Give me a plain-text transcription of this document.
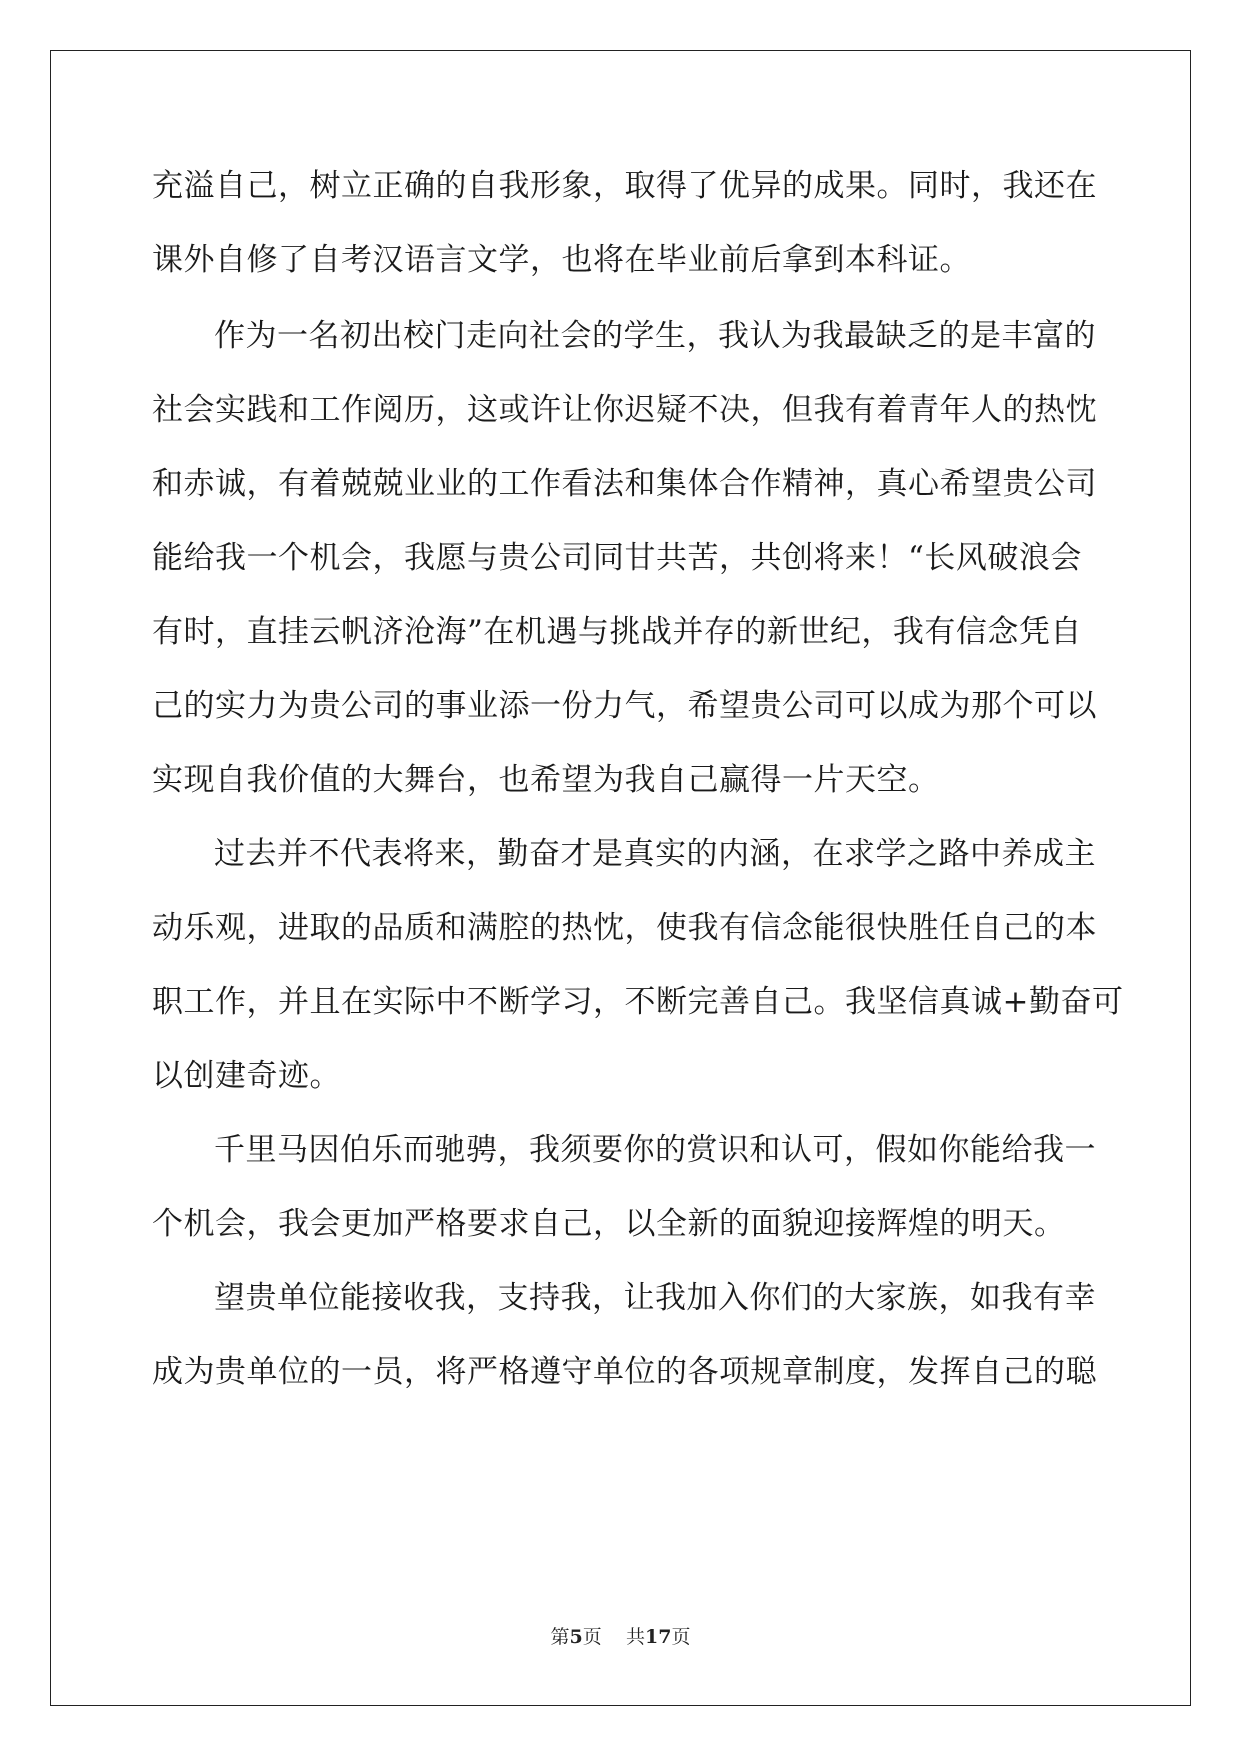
充溢自己，树立正确的自我形象，取得了优异的成果。同时，我还在
课外自修了自考汉语言文学，也将在毕业前后拿到本科证。
作为一名初出校门走向社会的学生，我认为我最缺乏的是丰富的
社会实践和工作阅历，这或许让你迟疑不决，但我有着青年人的热忱
和赤诚，有着兢兢业业的工作看法和集体合作精神，真心希望贵公司
能给我一个机会，我愿与贵公司同甘共苦，共创将来！“长风破浪会
有时，直挂云帆济沧海”在机遇与挑战并存的新世纪，我有信念凭自
己的实力为贵公司的事业添一份力气，希望贵公司可以成为那个可以
实现自我价值的大舞台，也希望为我自己赢得一片天空。
过去并不代表将来，勤奋才是真实的内涵，在求学之路中养成主
动乐观，进取的品质和满腔的热忱，使我有信念能很快胜任自己的本
职工作，并且在实际中不断学习，不断完善自己。我坚信真诚+勤奋可
以创建奇迹。
千里马因伯乐而驰骋，我须要你的赏识和认可，假如你能给我一
个机会，我会更加严格要求自己，以全新的面貌迎接辉煌的明天。
望贵单位能接收我，支持我，让我加入你们的大家族，如我有幸
成为贵单位的一员，将严格遵守单位的各项规章制度，发挥自己的聪
第5页 共17页
